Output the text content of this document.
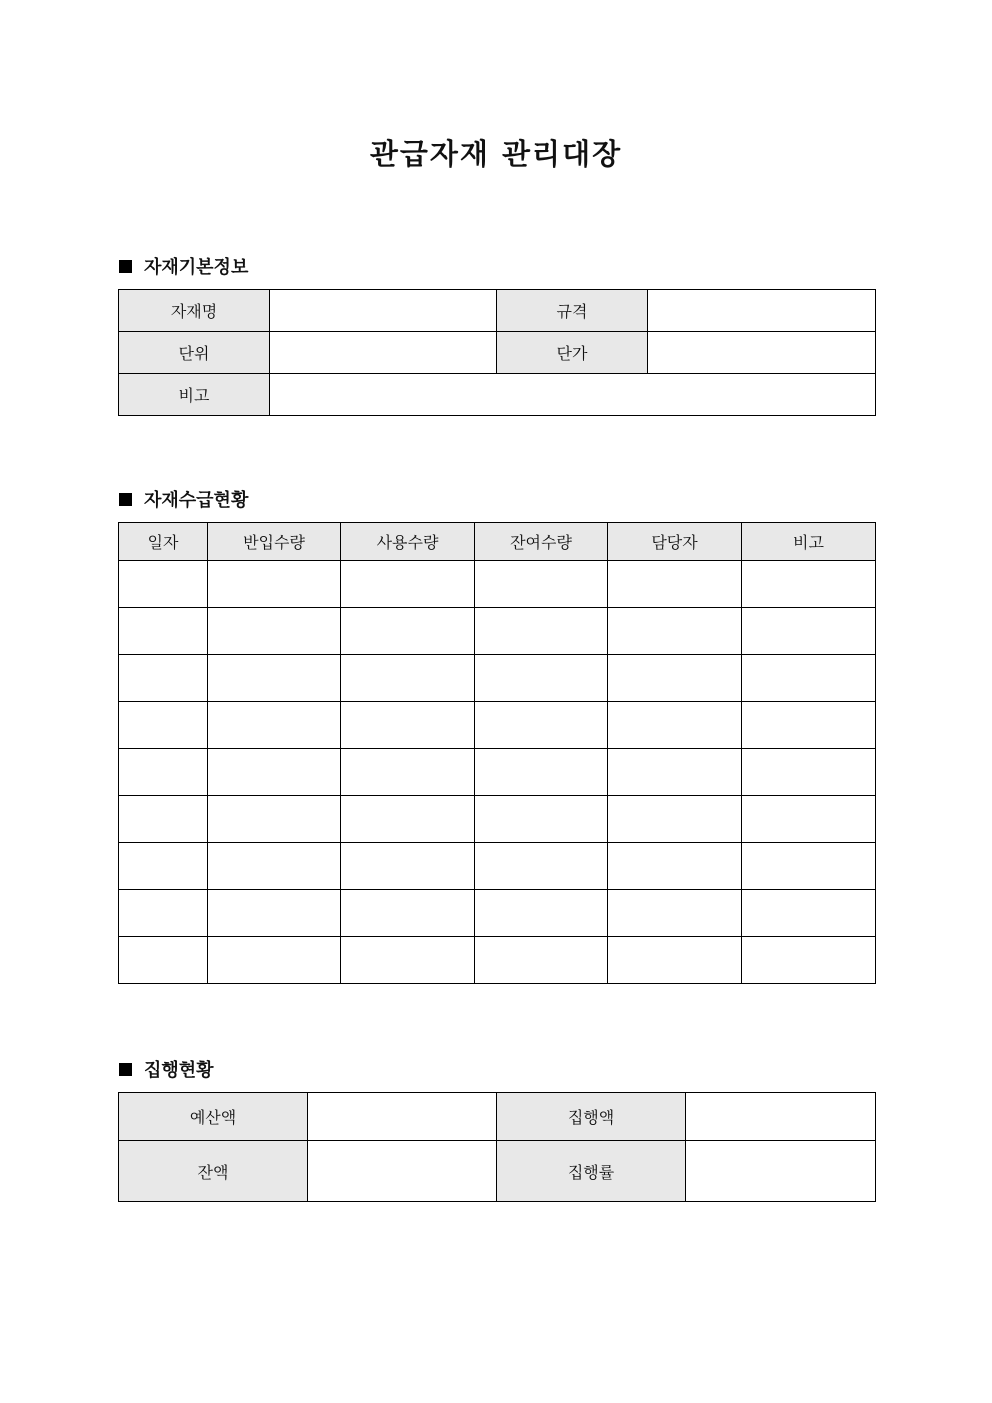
관급자재 관리대장
자재기본정보
자재명		규격	
단위		단가	
비고			
자재수급현황
일자	반입수량	사용수량	잔여수량	담당자	비고

집행현황
예산액		집행액	
잔액		집행률	
